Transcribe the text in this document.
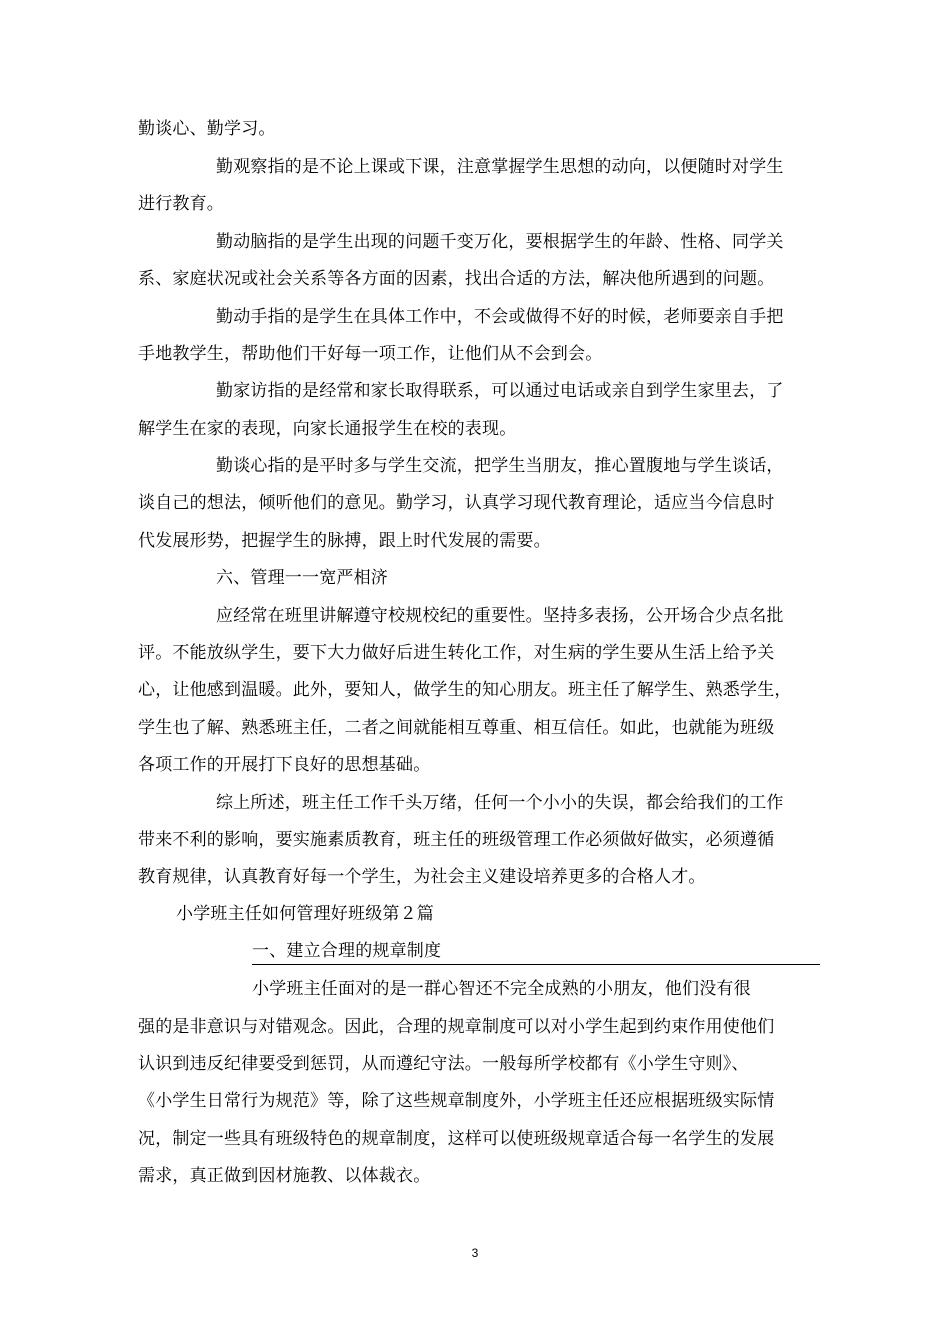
勤谈心、勤学习。
勤观察指的是不论上课或下课，注意掌握学生思想的动向，以便随时对学生
进行教育。
勤动脑指的是学生出现的问题千变万化，要根据学生的年龄、性格、同学关
系、家庭状况或社会关系等各方面的因素，找出合适的方法，解决他所遇到的问题。
勤动手指的是学生在具体工作中，不会或做得不好的时候，老师要亲自手把
手地教学生，帮助他们干好每一项工作，让他们从不会到会。
勤家访指的是经常和家长取得联系，可以通过电话或亲自到学生家里去，了
解学生在家的表现，向家长通报学生在校的表现。
勤谈心指的是平时多与学生交流，把学生当朋友，推心置腹地与学生谈话，
谈自己的想法，倾听他们的意见。勤学习，认真学习现代教育理论，适应当今信息时
代发展形势，把握学生的脉搏，跟上时代发展的需要。
六、管理一一宽严相济
应经常在班里讲解遵守校规校纪的重要性。坚持多表扬，公开场合少点名批
评。不能放纵学生，要下大力做好后进生转化工作，对生病的学生要从生活上给予关
心，让他感到温暖。此外，要知人，做学生的知心朋友。班主任了解学生、熟悉学生，
学生也了解、熟悉班主任，二者之间就能相互尊重、相互信任。如此，也就能为班级
各项工作的开展打下良好的思想基础。
综上所述，班主任工作千头万绪，任何一个小小的失误，都会给我们的工作
带来不利的影响，要实施素质教育，班主任的班级管理工作必须做好做实，必须遵循
教育规律，认真教育好每一个学生，为社会主义建设培养更多的合格人才。
小学班主任如何管理好班级第２篇
一、建立合理的规章制度
小学班主任面对的是一群心智还不完全成熟的小朋友，他们没有很
强的是非意识与对错观念。因此，合理的规章制度可以对小学生起到约束作用使他们
认识到违反纪律要受到惩罚，从而遵纪守法。一般每所学校都有《小学生守则》、
《小学生日常行为规范》等，除了这些规章制度外，小学班主任还应根据班级实际情
况，制定一些具有班级特色的规章制度，这样可以使班级规章适合每一名学生的发展
需求，真正做到因材施教、以体裁衣。
3
